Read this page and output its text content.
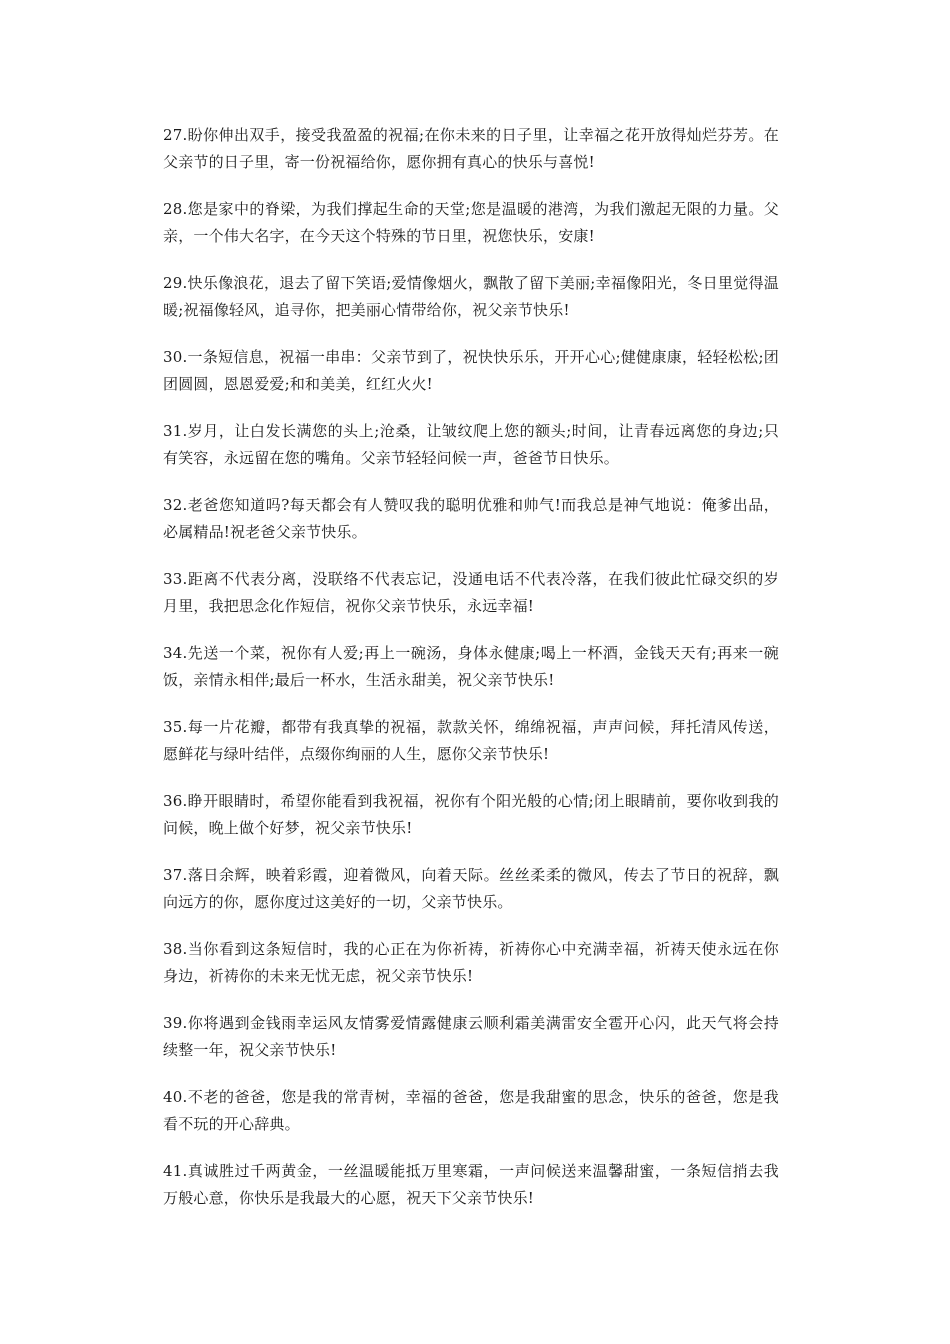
27.盼你伸出双手，接受我盈盈的祝福;在你未来的日子里，让幸福之花开放得灿烂芬芳。在父亲节的日子里，寄一份祝福给你，愿你拥有真心的快乐与喜悦!

28.您是家中的脊梁，为我们撑起生命的天堂;您是温暖的港湾，为我们激起无限的力量。父亲，一个伟大名字，在今天这个特殊的节日里，祝您快乐，安康!

29.快乐像浪花，退去了留下笑语;爱情像烟火，飘散了留下美丽;幸福像阳光，冬日里觉得温暖;祝福像轻风，追寻你，把美丽心情带给你，祝父亲节快乐!

30.一条短信息，祝福一串串：父亲节到了，祝快快乐乐，开开心心;健健康康，轻轻松松;团团圆圆，恩恩爱爱;和和美美，红红火火!

31.岁月，让白发长满您的头上;沧桑，让皱纹爬上您的额头;时间，让青春远离您的身边;只有笑容，永远留在您的嘴角。父亲节轻轻问候一声，爸爸节日快乐。

32.老爸您知道吗?每天都会有人赞叹我的聪明优雅和帅气!而我总是神气地说：俺爹出品，必属精品!祝老爸父亲节快乐。

33.距离不代表分离，没联络不代表忘记，没通电话不代表冷落，在我们彼此忙碌交织的岁月里，我把思念化作短信，祝你父亲节快乐，永远幸福!

34.先送一个菜，祝你有人爱;再上一碗汤，身体永健康;喝上一杯酒，金钱天天有;再来一碗饭，亲情永相伴;最后一杯水，生活永甜美，祝父亲节快乐!

35.每一片花瓣，都带有我真挚的祝福，款款关怀，绵绵祝福，声声问候，拜托清风传送，愿鲜花与绿叶结伴，点缀你绚丽的人生，愿你父亲节快乐!

36.睁开眼睛时，希望你能看到我祝福，祝你有个阳光般的心情;闭上眼睛前，要你收到我的问候，晚上做个好梦，祝父亲节快乐!

37.落日余辉，映着彩霞，迎着微风，向着天际。丝丝柔柔的微风，传去了节日的祝辞，飘向远方的你，愿你度过这美好的一切，父亲节快乐。

38.当你看到这条短信时，我的心正在为你祈祷，祈祷你心中充满幸福，祈祷天使永远在你身边，祈祷你的未来无忧无虑，祝父亲节快乐!

39.你将遇到金钱雨幸运风友情雾爱情露健康云顺利霜美满雷安全雹开心闪，此天气将会持续整一年，祝父亲节快乐!

40.不老的爸爸，您是我的常青树，幸福的爸爸，您是我甜蜜的思念，快乐的爸爸，您是我看不玩的开心辞典。

41.真诚胜过千两黄金，一丝温暖能抵万里寒霜，一声问候送来温馨甜蜜，一条短信捎去我万般心意，你快乐是我最大的心愿，祝天下父亲节快乐!
